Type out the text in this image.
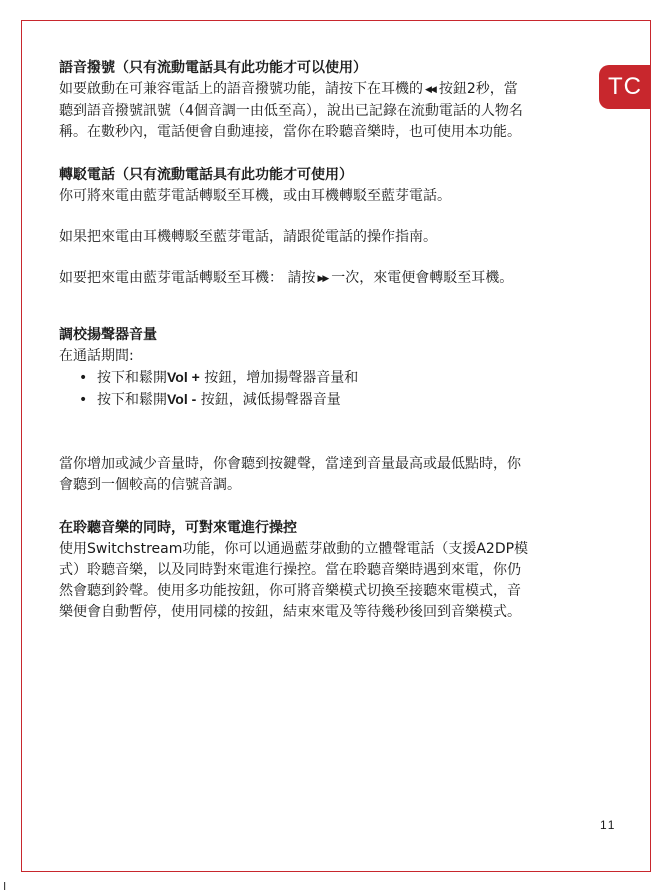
TC
語音撥號（只有流動電話具有此功能才可以使用）

如要啟動在可兼容電話上的語音撥號功能，請按下在耳機的 ◀◀ 按鈕2秒，當

聽到語音撥號訊號（4個音調一由低至高），說出已記錄在流動電話的人物名

稱。在數秒內，電話便會自動連接，當你在聆聽音樂時，也可使用本功能。

轉駁電話（只有流動電話具有此功能才可使用）

你可將來電由藍芽電話轉駁至耳機，或由耳機轉駁至藍芽電話。

如果把來電由耳機轉駁至藍芽電話，請跟從電話的操作指南。

如要把來電由藍芽電話轉駁至耳機： 請按 ▶▶ 一次，來電便會轉駁至耳機。

調校揚聲器音量

在通話期間:

• 按下和鬆開Vol + 按鈕，增加揚聲器音量和
• 按下和鬆開Vol - 按鈕，減低揚聲器音量

當你增加或減少音量時，你會聽到按鍵聲，當達到音量最高或最低點時，你

會聽到一個較高的信號音調。

在聆聽音樂的同時，可對來電進行操控

使用Switchstream功能，你可以通過藍芽啟動的立體聲電話（支援A2DP模

式）聆聽音樂，以及同時對來電進行操控。當在聆聽音樂時遇到來電，你仍

然會聽到鈴聲。使用多功能按鈕，你可將音樂模式切換至接聽來電模式，音

樂便會自動暫停，使用同樣的按鈕，結束來電及等待幾秒後回到音樂模式。

11
I
